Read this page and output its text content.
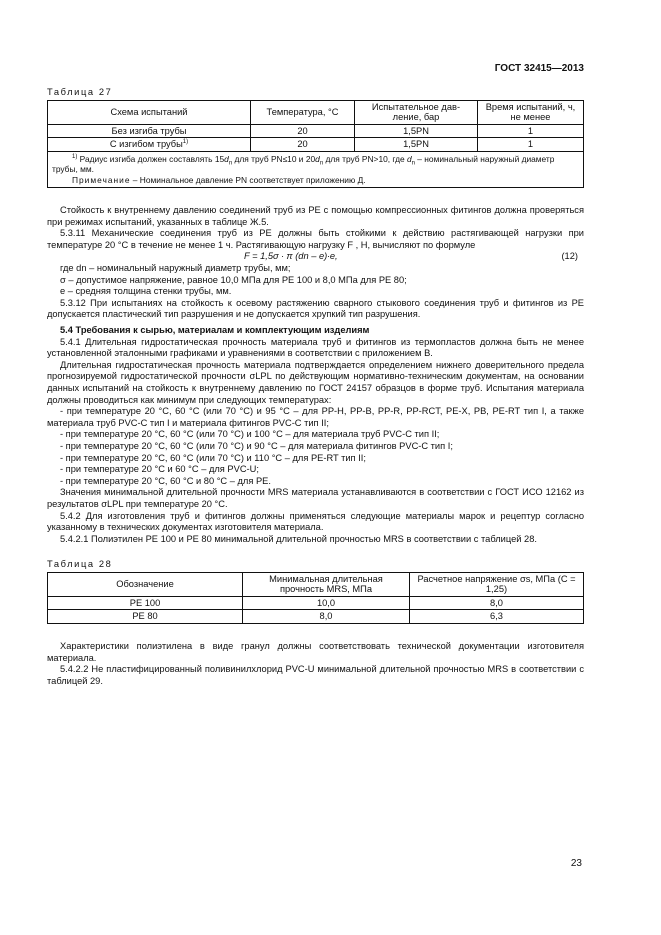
ГОСТ 32415—2013
Таблица 27
Схема испытаний	Температура, °С	Испытательное дав-ление, бар	Время испытаний, ч, не менее
Без изгиба трубы	20	1,5PN	1
С изгибом трубы$^{1)}$	20	1,5PN	1

$^{1)}$ Радиус изгиба должен составлять $15d_n$ для труб PN≤10 и $20d_n$ для труб PN>10, где $d_n$ – номинальный наружный диаметр трубы, мм.
Примечание – Номинальное давление PN соответствует приложению Д.			

Стойкость к внутреннему давлению соединений труб из PE с помощью компрессионных фитингов должна проверяться при режимах испытаний, указанных в таблице Ж.5.

5.3.11 Механические соединения труб из PE должны быть стойкими к действию растягивающей нагрузки при температуре 20 °С в течение не менее 1 ч. Растягивающую нагрузку F , Н, вычисляют по формуле

F = 1,5σ ∙ π (dn – e)∙e,	(12)

где dn – номинальный наружный диаметр трубы, мм;

σ – допустимое напряжение, равное 10,0 МПа для PE 100 и 8,0 МПа для PE 80;

e – средняя толщина стенки трубы, мм.

5.3.12 При испытаниях на стойкость к осевому растяжению сварного стыкового соединения труб и фитингов из PE допускается пластический тип разрушения и не допускается хрупкий тип разрушения.

5.4 Требования к сырью, материалам и комплектующим изделиям

5.4.1 Длительная гидростатическая прочность материала труб и фитингов из термопластов должна быть не менее установленной эталонными графиками и уравнениями в соответствии с приложением В.

Длительная гидростатическая прочность материала подтверждается определением нижнего доверительного предела прогнозируемой гидростатической прочности σLPL по действующим нормативно-техническим документам, на основании данных испытаний на стойкость к внутреннему давлению по ГОСТ 24157 образцов в форме труб. Испытания материала должны проводиться как минимум при следующих температурах:

- при температуре 20 °С, 60 °С (или 70 °С) и 95 °С – для PP-H, PP-B, PP-R, PP-RCT, PE-X, PB, PE-RT тип I, а также материала труб PVC-C тип I и материала фитингов PVC-C тип II;

- при температуре 20 °С, 60 °С (или 70 °С) и 100 °С – для материала труб PVC-C тип II;

- при температуре 20 °С, 60 °С (или 70 °С) и 90 °С – для материала фитингов PVC-C тип I;

- при температуре 20 °С, 60 °С (или 70 °С) и 110 °С – для PE-RT тип II;

- при температуре 20 °С и 60 °С – для PVC-U;

- при температуре 20 °С, 60 °С и 80 °С – для PE.

Значения минимальной длительной прочности MRS материала устанавливаются в соответствии с ГОСТ ИСО 12162 из результатов σLPL при температуре 20 °С.

5.4.2 Для изготовления труб и фитингов должны применяться следующие материалы марок и рецептур согласно указанному в технических документах изготовителя материала.

5.4.2.1 Полиэтилен PE 100 и PE 80 минимальной длительной прочностью MRS в соответствии с таблицей 28.

Таблица 28
Обозначение	Минимальная длительная прочность MRS, МПа	Расчетное напряжение σs, МПа (С = 1,25)
PE 100	10,0	8,0
PE 80	8,0	6,3

Характеристики полиэтилена в виде гранул должны соответствовать технической документации изготовителя материала.

5.4.2.2 Не пластифицированный поливинилхлорид PVC-U минимальной длительной прочностью MRS в соответствии с таблицей 29.

23
